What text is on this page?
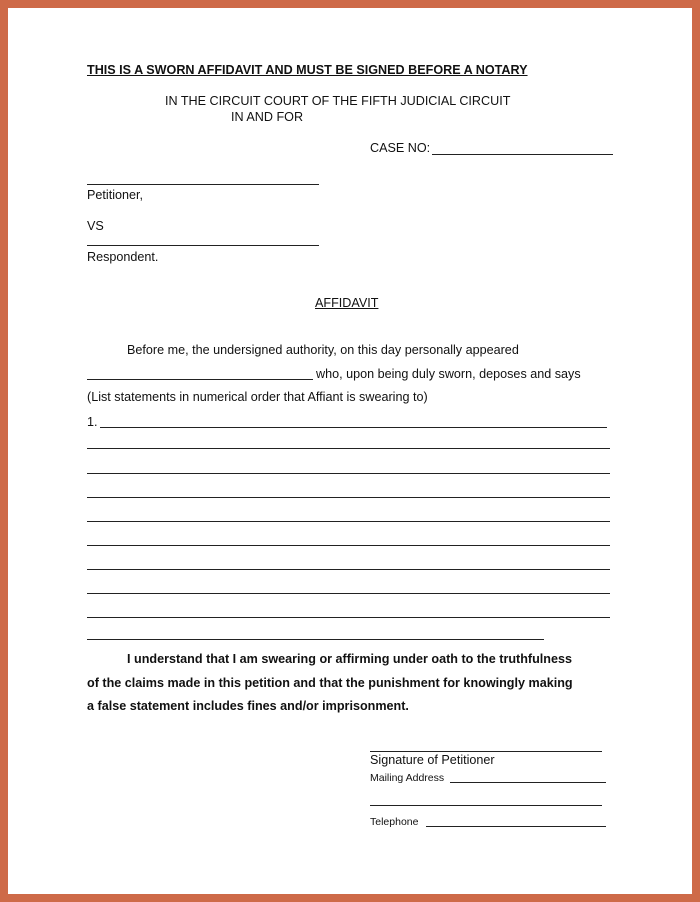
THIS IS A SWORN AFFIDAVIT AND MUST BE SIGNED BEFORE A NOTARY
IN THE CIRCUIT COURT OF THE FIFTH JUDICIAL CIRCUIT
IN AND FOR
CASE NO:
Petitioner,
VS
Respondent.
AFFIDAVIT
Before me, the undersigned authority, on this day personally appeared
who, upon being duly sworn, deposes and says
(List statements in numerical order that Affiant is swearing to)
1.
I understand that I am swearing or affirming under oath to the truthfulness
of the claims made in this petition and that the punishment for knowingly making
a false statement includes fines and/or imprisonment.
Signature of Petitioner
Mailing Address
Telephone
